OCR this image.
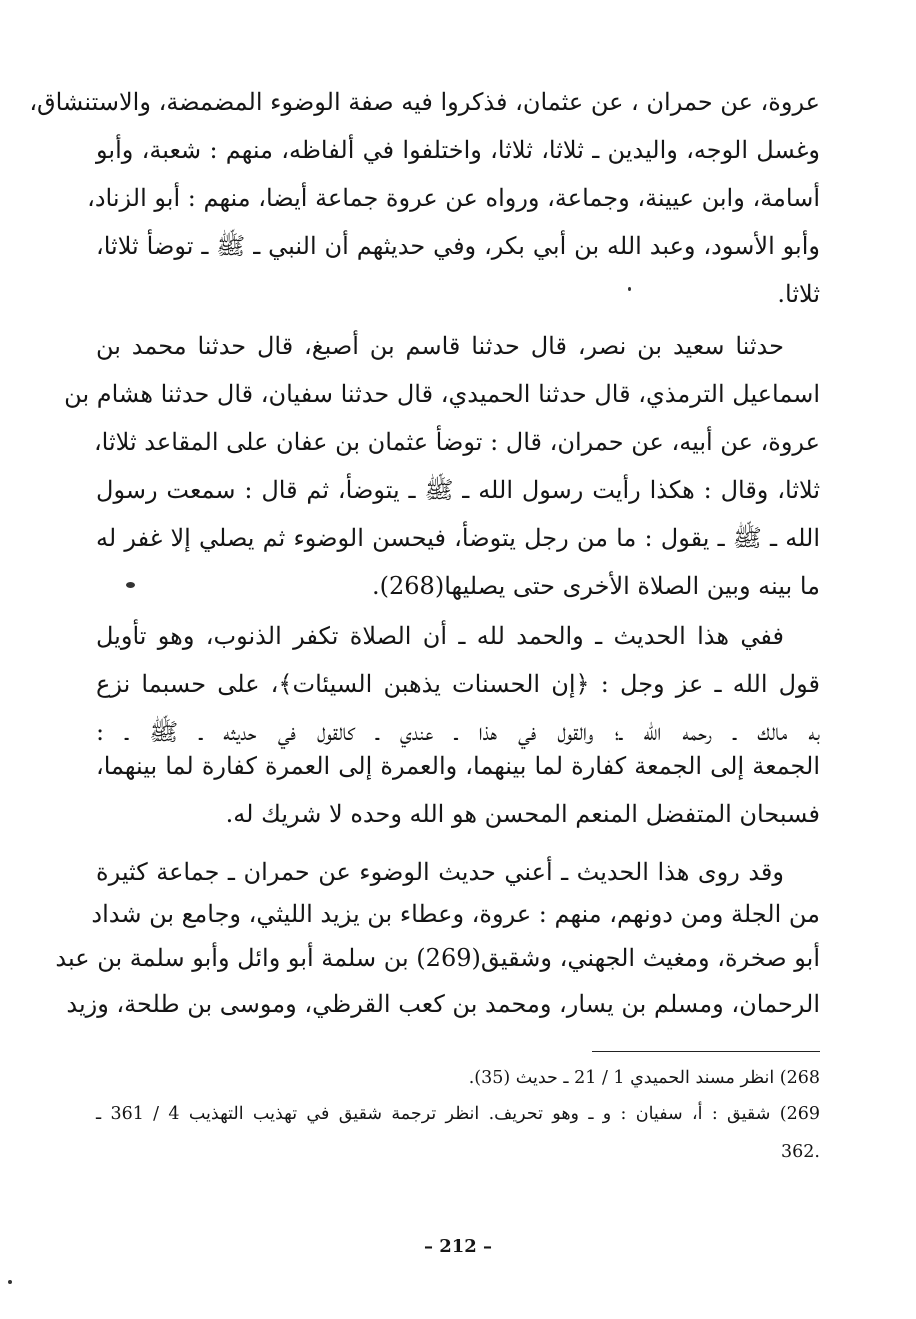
عروة، عن حمران ، عن عثمان، فذكروا فيه صفة الوضوء المضمضة، والاستنشاق،
وغسل الوجه، واليدين ـ ثلاثا، ثلاثا، واختلفوا في ألفاظه، منهم : شعبة، وأبو
أسامة، وابن عيينة، وجماعة، ورواه عن عروة جماعة أيضا، منهم : أبو الزناد،
وأبو الأسود، وعبد الله بن أبي بكر، وفي حديثهم أن النبي ـ ﷺ ـ توضأ ثلاثا،
ثلاثا.
حدثنا سعيد بن نصر، قال حدثنا قاسم بن أصبغ، قال حدثنا محمد بن
اسماعيل الترمذي، قال حدثنا الحميدي، قال حدثنا سفيان، قال حدثنا هشام بن
عروة، عن أبيه، عن حمران، قال : توضأ عثمان بن عفان على المقاعد ثلاثا،
ثلاثا، وقال : هكذا رأيت رسول الله ـ ﷺ ـ يتوضأ، ثم قال : سمعت رسول
الله ـ ﷺ ـ يقول : ما من رجل يتوضأ، فيحسن الوضوء ثم يصلي إلا غفر له
ما بينه وبين الصلاة الأخرى حتى يصليها(268).
ففي هذا الحديث ـ والحمد لله ـ أن الصلاة تكفر الذنوب، وهو تأويل
قول الله ـ عز وجل : ﴿إن الحسنات يذهبن السيئات﴾، على حسبما نزع
به مالك ـ رحمه الله ـ؛ والقول في هذا ـ عندي ـ كالقول في حديثه ـ ﷺ ـ :
الجمعة إلى الجمعة كفارة لما بينهما، والعمرة إلى العمرة كفارة لما بينهما،
فسبحان المتفضل المنعم المحسن هو الله وحده لا شريك له.
وقد روى هذا الحديث ـ أعني حديث الوضوء عن حمران ـ جماعة كثيرة
من الجلة ومن دونهم، منهم : عروة، وعطاء بن يزيد الليثي، وجامع بن شداد
أبو صخرة، ومغيث الجهني، وشقيق(269) بن سلمة أبو وائل وأبو سلمة بن عبد
الرحمان، ومسلم بن يسار، ومحمد بن كعب القرظي، وموسى بن طلحة، وزيد
268) انظر مسند الحميدي 1 / 21 ـ حديث (35).
269) شقيق : أ، سفيان : و ـ وهو تحريف. انظر ترجمة شقيق في تهذيب التهذيب 4 / 361 ـ
.362
– 212 –
